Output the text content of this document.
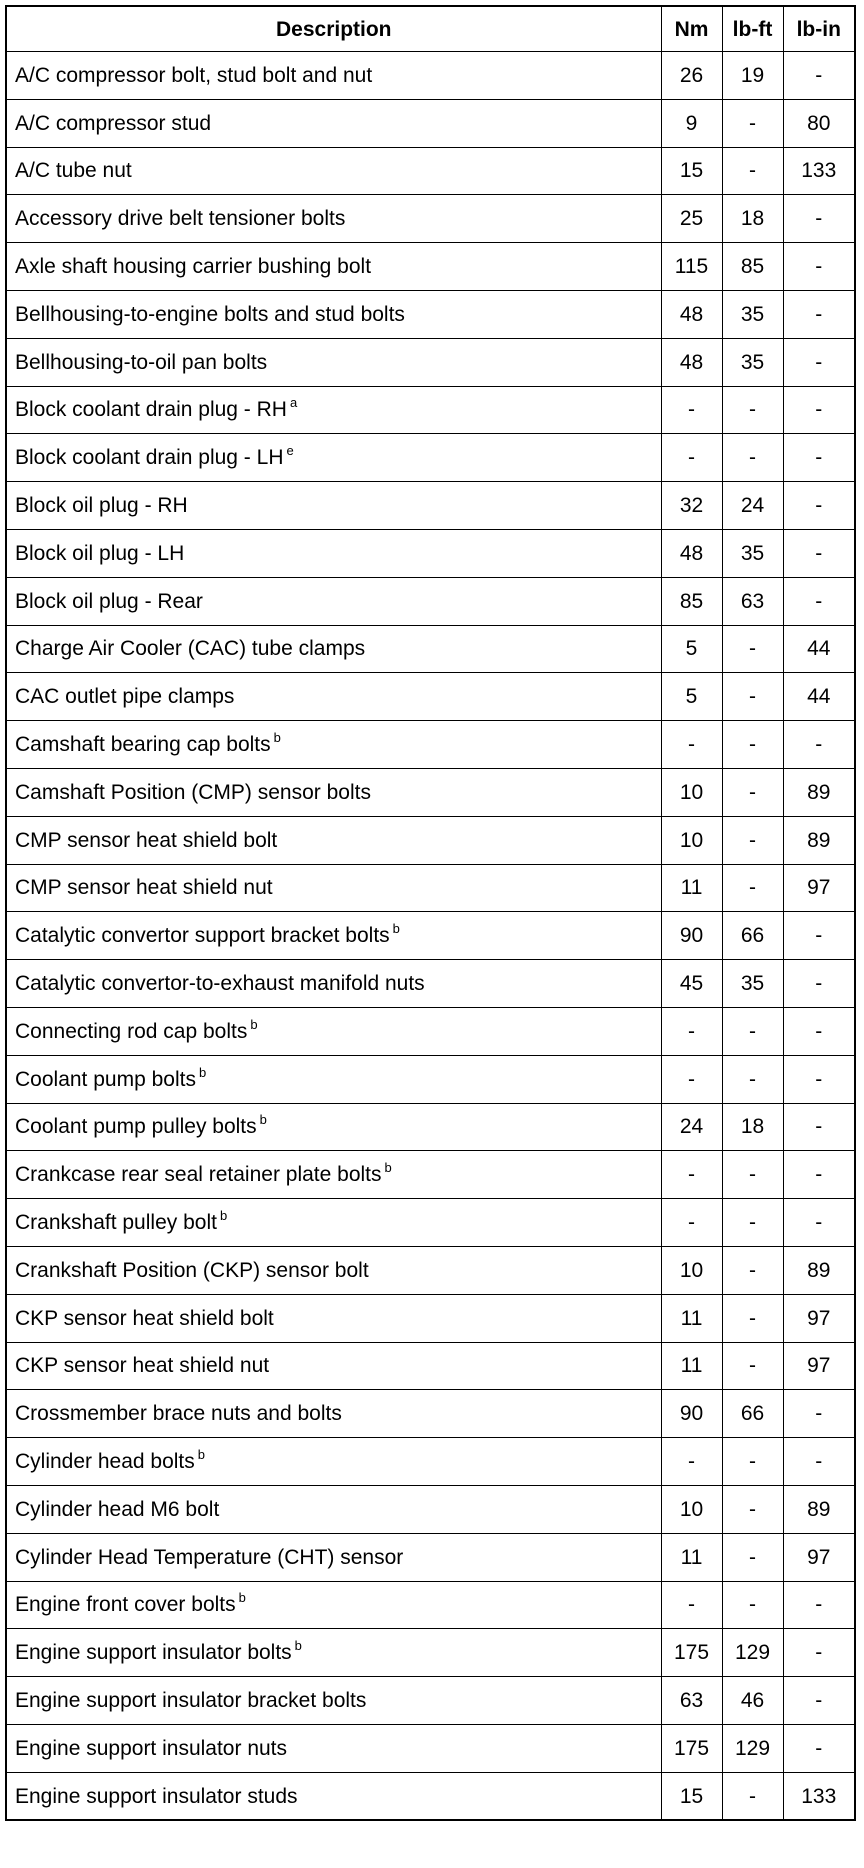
Description	Nm	lb-ft	lb-in
A/C compressor bolt, stud bolt and nut	26	19	-
A/C compressor stud	9	-	80
A/C tube nut	15	-	133
Accessory drive belt tensioner bolts	25	18	-
Axle shaft housing carrier bushing bolt	115	85	-
Bellhousing-to-engine bolts and stud bolts	48	35	-
Bellhousing-to-oil pan bolts	48	35	-
Block coolant drain plug - RH $^a$	-	-	-
Block coolant drain plug - LH $^e$	-	-	-
Block oil plug - RH	32	24	-
Block oil plug - LH	48	35	-
Block oil plug - Rear	85	63	-
Charge Air Cooler (CAC) tube clamps	5	-	44
CAC outlet pipe clamps	5	-	44
Camshaft bearing cap bolts $^b$	-	-	-
Camshaft Position (CMP) sensor bolts	10	-	89
CMP sensor heat shield bolt	10	-	89
CMP sensor heat shield nut	11	-	97
Catalytic convertor support bracket bolts $^b$	90	66	-
Catalytic convertor-to-exhaust manifold nuts	45	35	-
Connecting rod cap bolts $^b$	-	-	-
Coolant pump bolts $^b$	-	-	-
Coolant pump pulley bolts $^b$	24	18	-
Crankcase rear seal retainer plate bolts $^b$	-	-	-
Crankshaft pulley bolt $^b$	-	-	-
Crankshaft Position (CKP) sensor bolt	10	-	89
CKP sensor heat shield bolt	11	-	97
CKP sensor heat shield nut	11	-	97
Crossmember brace nuts and bolts	90	66	-
Cylinder head bolts $^b$	-	-	-
Cylinder head M6 bolt	10	-	89
Cylinder Head Temperature (CHT) sensor	11	-	97
Engine front cover bolts $^b$	-	-	-
Engine support insulator bolts $^b$	175	129	-
Engine support insulator bracket bolts	63	46	-
Engine support insulator nuts	175	129	-
Engine support insulator studs	15	-	133
